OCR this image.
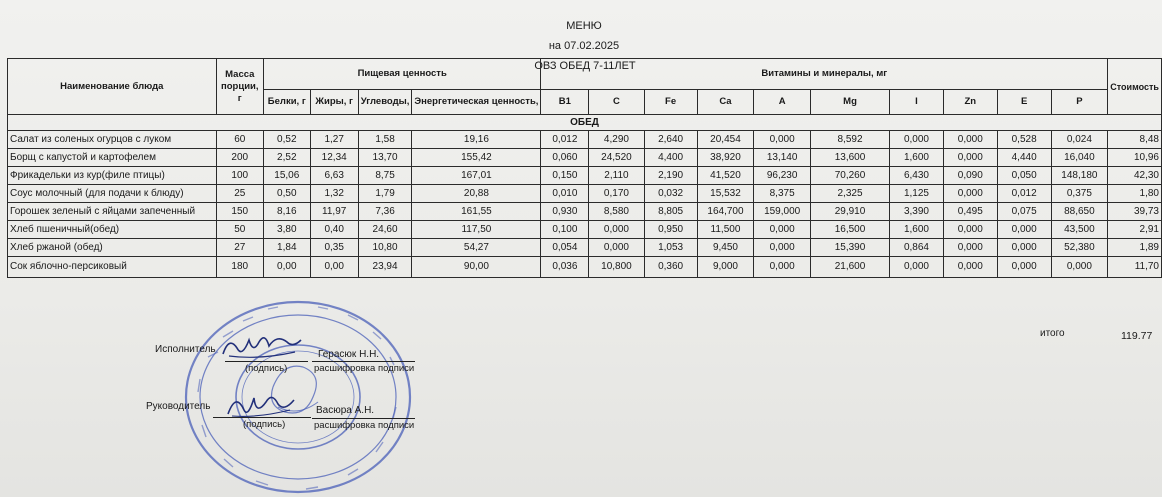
МЕНЮ
на 07.02.2025
ОВЗ ОБЕД 7-11ЛЕТ
Наименование блюда	Масса порции, г	Пищевая ценность				Витамины и минералы, мг										Стоимость
		Белки, г	Жиры, г	Углеводы,	Энергетическая ценность,	B1	C	Fe	Ca	A	Mg	I	Zn	E	P	
ОБЕД																
Салат из соленых огурцов с луком	60	0,52	1,27	1,58	19,16	0,012	4,290	2,640	20,454	0,000	8,592	0,000	0,000	0,528	0,024	8,48
Борщ с капустой и картофелем	200	2,52	12,34	13,70	155,42	0,060	24,520	4,400	38,920	13,140	13,600	1,600	0,000	4,440	16,040	10,96
Фрикадельки из кур(филе птицы)	100	15,06	6,63	8,75	167,01	0,150	2,110	2,190	41,520	96,230	70,260	6,430	0,090	0,050	148,180	42,30
Соус молочный (для подачи к блюду)	25	0,50	1,32	1,79	20,88	0,010	0,170	0,032	15,532	8,375	2,325	1,125	0,000	0,012	0,375	1,80
Горошек зеленый с яйцами запеченный	150	8,16	11,97	7,36	161,55	0,930	8,580	8,805	164,700	159,000	29,910	3,390	0,495	0,075	88,650	39,73
Хлеб пшеничный(обед)	50	3,80	0,40	24,60	117,50	0,100	0,000	0,950	11,500	0,000	16,500	1,600	0,000	0,000	43,500	2,91
Хлеб ржаной (обед)	27	1,84	0,35	10,80	54,27	0,054	0,000	1,053	9,450	0,000	15,390	0,864	0,000	0,000	52,380	1,89
Сок яблочно-персиковый	180	0,00	0,00	23,94	90,00	0,036	10,800	0,360	9,000	0,000	21,600	0,000	0,000	0,000	0,000	11,70
итого	119.77
Исполнитель	Герасюк Н.Н.
(подпись)	расшифровка подписи
Руководитель	Васюра А.Н.
(подпись)	расшифровка подписи
